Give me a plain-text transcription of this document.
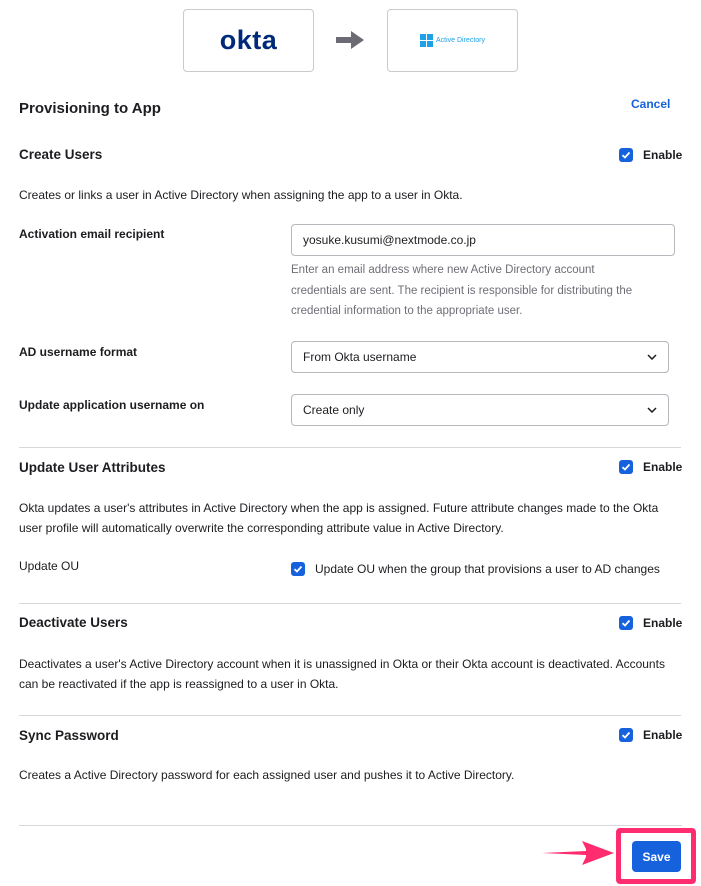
okta	Active Directory
Provisioning to App	Cancel
Create Users	Enable
Creates or links a user in Active Directory when assigning the app to a user in Okta.
Activation email recipient	yosuke.kusumi@nextmode.co.jp
Enter an email address where new Active Directory account
credentials are sent. The recipient is responsible for distributing the
credential information to the appropriate user.
AD username format	From Okta username
Update application username on	Create only
Update User Attributes	Enable
Okta updates a user's attributes in Active Directory when the app is assigned. Future attribute changes made to the Okta
user profile will automatically overwrite the corresponding attribute value in Active Directory.
Update OU	Update OU when the group that provisions a user to AD changes
Deactivate Users	Enable
Deactivates a user's Active Directory account when it is unassigned in Okta or their Okta account is deactivated. Accounts
can be reactivated if the app is reassigned to a user in Okta.
Sync Password	Enable
Creates a Active Directory password for each assigned user and pushes it to Active Directory.
Save
